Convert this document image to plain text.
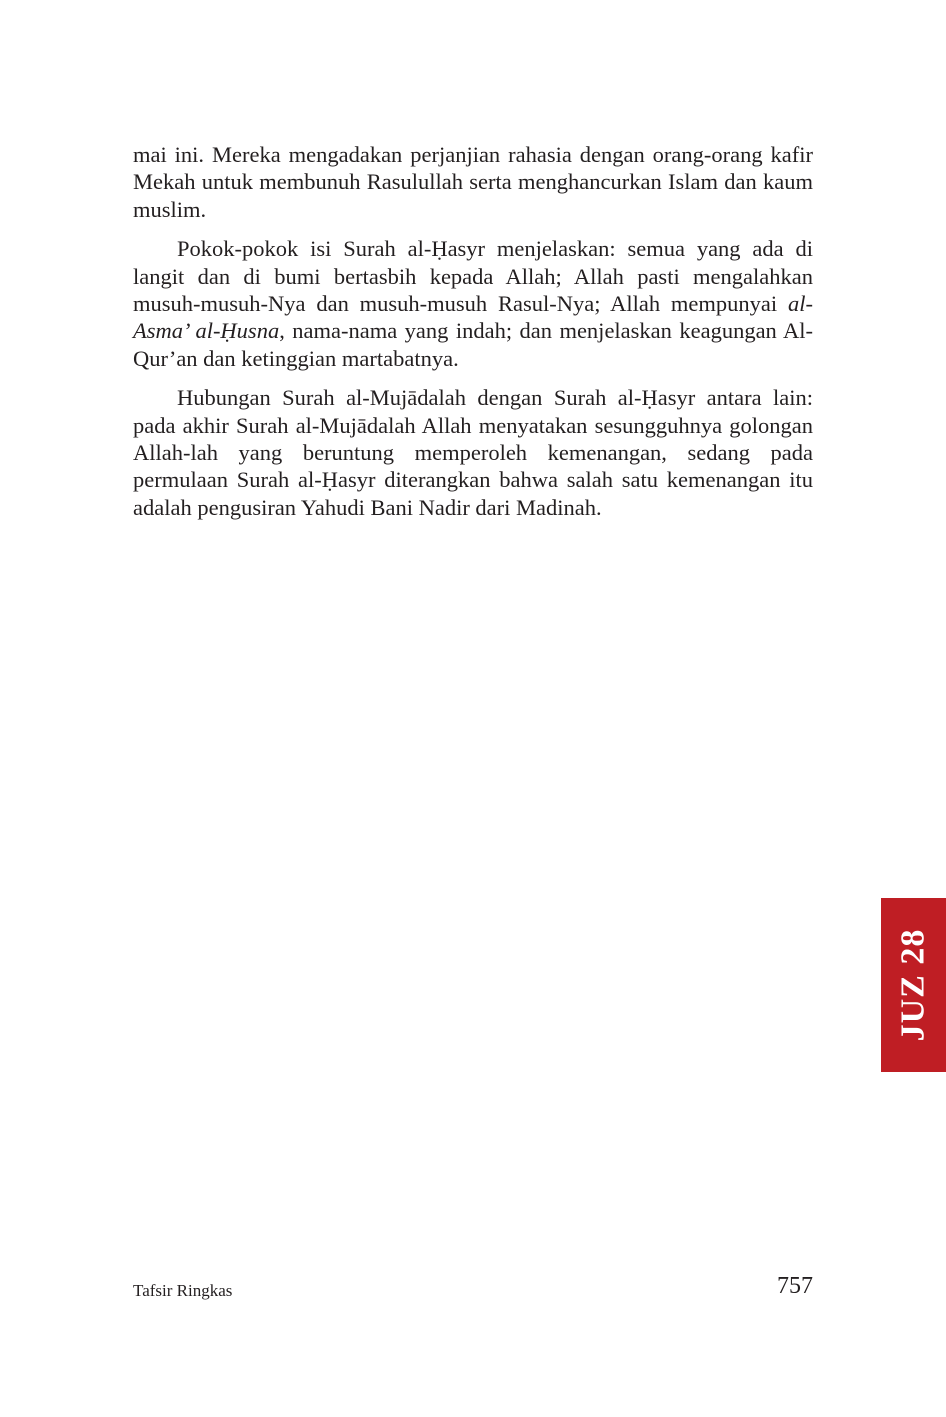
mai ini. Mereka mengadakan perjanjian rahasia dengan orang-orang kafir Mekah untuk membunuh Rasulullah serta menghancurkan Islam dan kaum muslim.

Pokok-pokok isi Surah al-Ḥasyr menjelaskan: semua yang ada di langit dan di bumi bertasbih kepada Allah; Allah pasti mengalahkan musuh-musuh-Nya dan musuh-musuh Rasul-Nya; Allah mempunyai al-Asma’ al-Ḥusna, nama-nama yang indah; dan menjelaskan keagungan Al-Qur’an dan ketinggian martabatnya.

Hubungan Surah al-Mujādalah dengan Surah al-Ḥasyr antara lain: pada akhir Surah al-Mujādalah Allah menyatakan sesungguhnya golongan Allah-lah yang beruntung memperoleh kemenangan, sedang pada permulaan Surah al-Ḥasyr diterangkan bahwa salah satu kemenangan itu adalah pengusiran Yahudi Bani Nadir dari Madinah.

JUZ 28
Tafsir Ringkas	757
